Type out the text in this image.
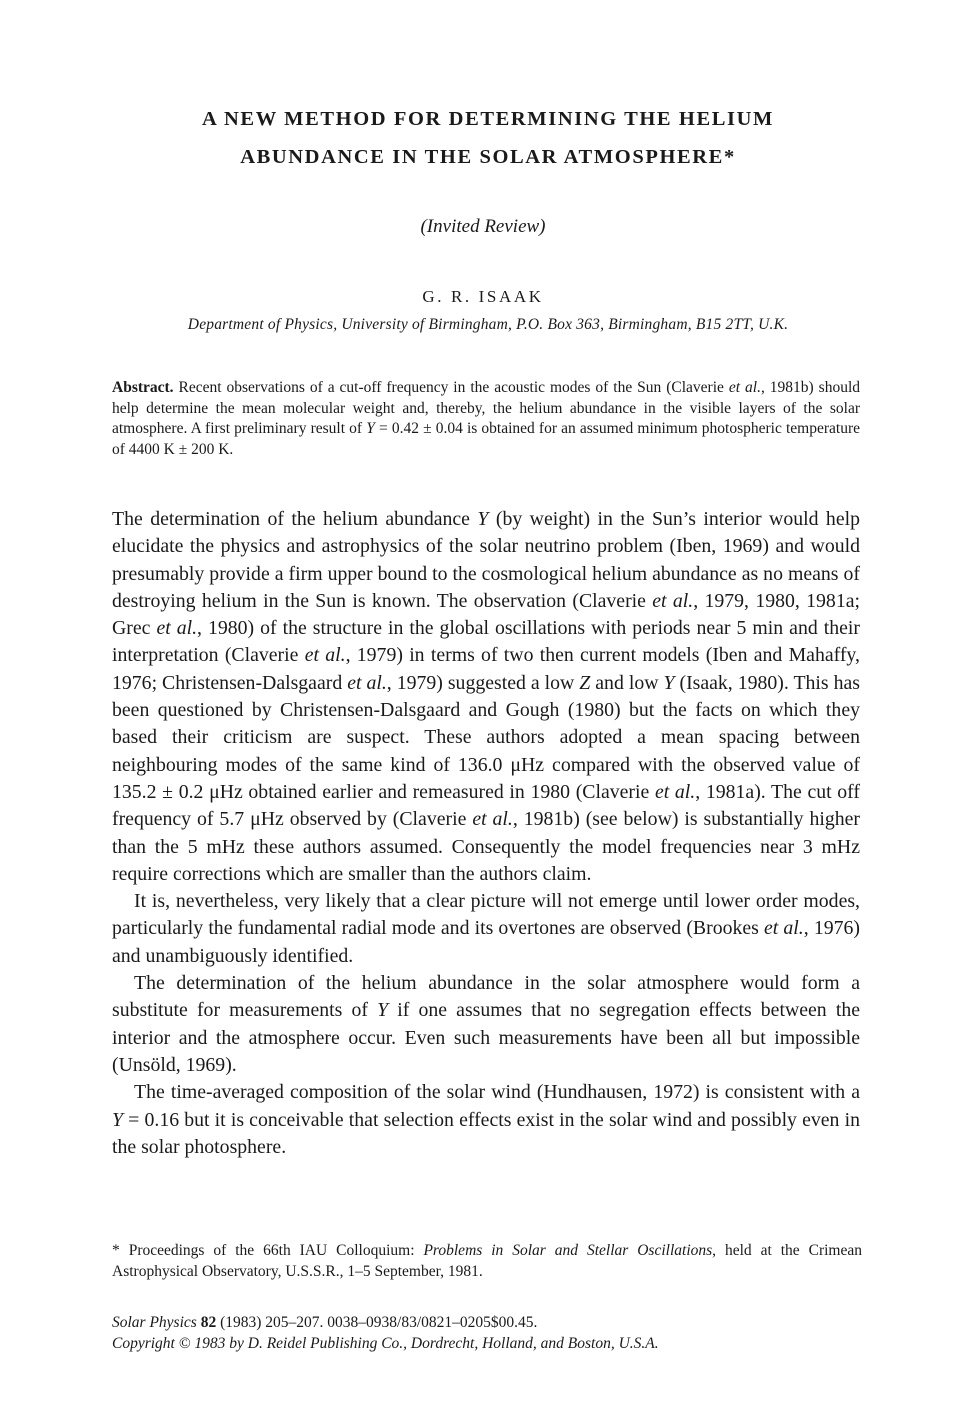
A NEW METHOD FOR DETERMINING THE HELIUM
ABUNDANCE IN THE SOLAR ATMOSPHERE*
(Invited Review)
G. R. ISAAK
Department of Physics, University of Birmingham, P.O. Box 363, Birmingham, B15 2TT, U.K.
Abstract. Recent observations of a cut-off frequency in the acoustic modes of the Sun (Claverie et al., 1981b) should help determine the mean molecular weight and, thereby, the helium abundance in the visible layers of the solar atmosphere. A first preliminary result of Y = 0.42 ± 0.04 is obtained for an assumed minimum photospheric temperature of 4400 K ± 200 K.

The determination of the helium abundance Y (by weight) in the Sun’s interior would help elucidate the physics and astrophysics of the solar neutrino problem (Iben, 1969) and would presumably provide a firm upper bound to the cosmological helium abundance as no means of destroying helium in the Sun is known. The observation (Claverie et al., 1979, 1980, 1981a; Grec et al., 1980) of the structure in the global oscillations with periods near 5 min and their interpretation (Claverie et al., 1979) in terms of two then current models (Iben and Mahaffy, 1976; Christensen-Dalsgaard et al., 1979) suggested a low Z and low Y (Isaak, 1980). This has been questioned by Christensen-Dalsgaard and Gough (1980) but the facts on which they based their criticism are suspect. These authors adopted a mean spacing between neighbouring modes of the same kind of 136.0 μHz compared with the observed value of 135.2 ± 0.2 μHz obtained earlier and remeasured in 1980 (Claverie et al., 1981a). The cut off frequency of 5.7 μHz observed by (Claverie et al., 1981b) (see below) is substantially higher than the 5 mHz these authors assumed. Consequently the model frequencies near 3 mHz require corrections which are smaller than the authors claim.

It is, nevertheless, very likely that a clear picture will not emerge until lower order modes, particularly the fundamental radial mode and its overtones are observed (Brookes et al., 1976) and unambiguously identified.

The determination of the helium abundance in the solar atmosphere would form a substitute for measurements of Y if one assumes that no segregation effects between the interior and the atmosphere occur. Even such measurements have been all but impossible (Unsöld, 1969).

The time-averaged composition of the solar wind (Hundhausen, 1972) is consistent with a Y = 0.16 but it is conceivable that selection effects exist in the solar wind and possibly even in the solar photosphere.

* Proceedings of the 66th IAU Colloquium: Problems in Solar and Stellar Oscillations, held at the Crimean Astrophysical Observatory, U.S.S.R., 1–5 September, 1981.
Solar Physics 82 (1983) 205–207. 0038–0938/83/0821–0205$00.45.
Copyright © 1983 by D. Reidel Publishing Co., Dordrecht, Holland, and Boston, U.S.A.
